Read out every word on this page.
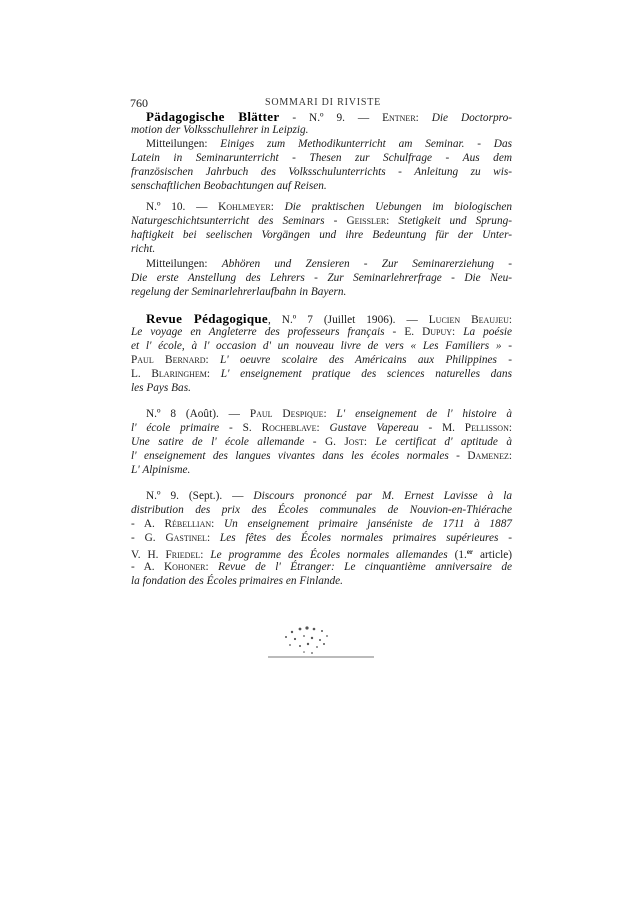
760	SOMMARI DI RIVISTE
Pädagogische Blätter - N.º 9. — Entner: Die Doctorpro-
motion der Volksschullehrer in Leipzig.
Mitteilungen: Einiges zum Methodikunterricht am Seminar. - Das
Latein in Seminarunterricht - Thesen zur Schulfrage - Aus dem
französischen Jahrbuch des Volksschulunterrichts - Anleitung zu wis-
senschaftlichen Beobachtungen auf Reisen.
N.º 10. — Kohlmeyer: Die praktischen Uebungen im biologischen
Naturgeschichtsunterricht des Seminars - Geissler: Stetigkeit und Sprung-
haftigkeit bei seelischen Vorgängen und ihre Bedeuntung für der Unter-
richt.
Mitteilungen: Abhören und Zensieren - Zur Seminarerziehung -
Die erste Anstellung des Lehrers - Zur Seminarlehrerfrage - Die Neu-
regelung der Seminarlehrerlaufbahn in Bayern.
Revue Pédagogique, N.º 7 (Juillet 1906). — Lucien Beaujeu:
Le voyage en Angleterre des professeurs français - E. Dupuy: La poésie
et l' école, à l' occasion d' un nouveau livre de vers « Les Familiers » -
Paul Bernard: L' oeuvre scolaire des Américains aux Philippines -
L. Blaringhem: L' enseignement pratique des sciences naturelles dans
les Pays Bas.
N.º 8 (Août). — Paul Despique: L' enseignement de l' histoire à
l' école primaire - S. Rocheblave: Gustave Vapereau - M. Pellisson:
Une satire de l' école allemande - G. Jost: Le certificat d' aptitude à
l' enseignement des langues vivantes dans les écoles normales - Damenez:
L' Alpinisme.
N.º 9. (Sept.). — Discours prononcé par M. Ernest Lavisse à la
distribution des prix des Écoles communales de Nouvion-en-Thiérache
- A. Rébellian: Un enseignement primaire janséniste de 1711 à 1887
- G. Gastinel: Les fêtes des Écoles normales primaires supérieures -
V. H. Friedel: Le programme des Écoles normales allemandes (1.$^{er}$ article)
- A. Kohoner: Revue de l' Étranger: Le cinquantième anniversaire de
la fondation des Écoles primaires en Finlande.
